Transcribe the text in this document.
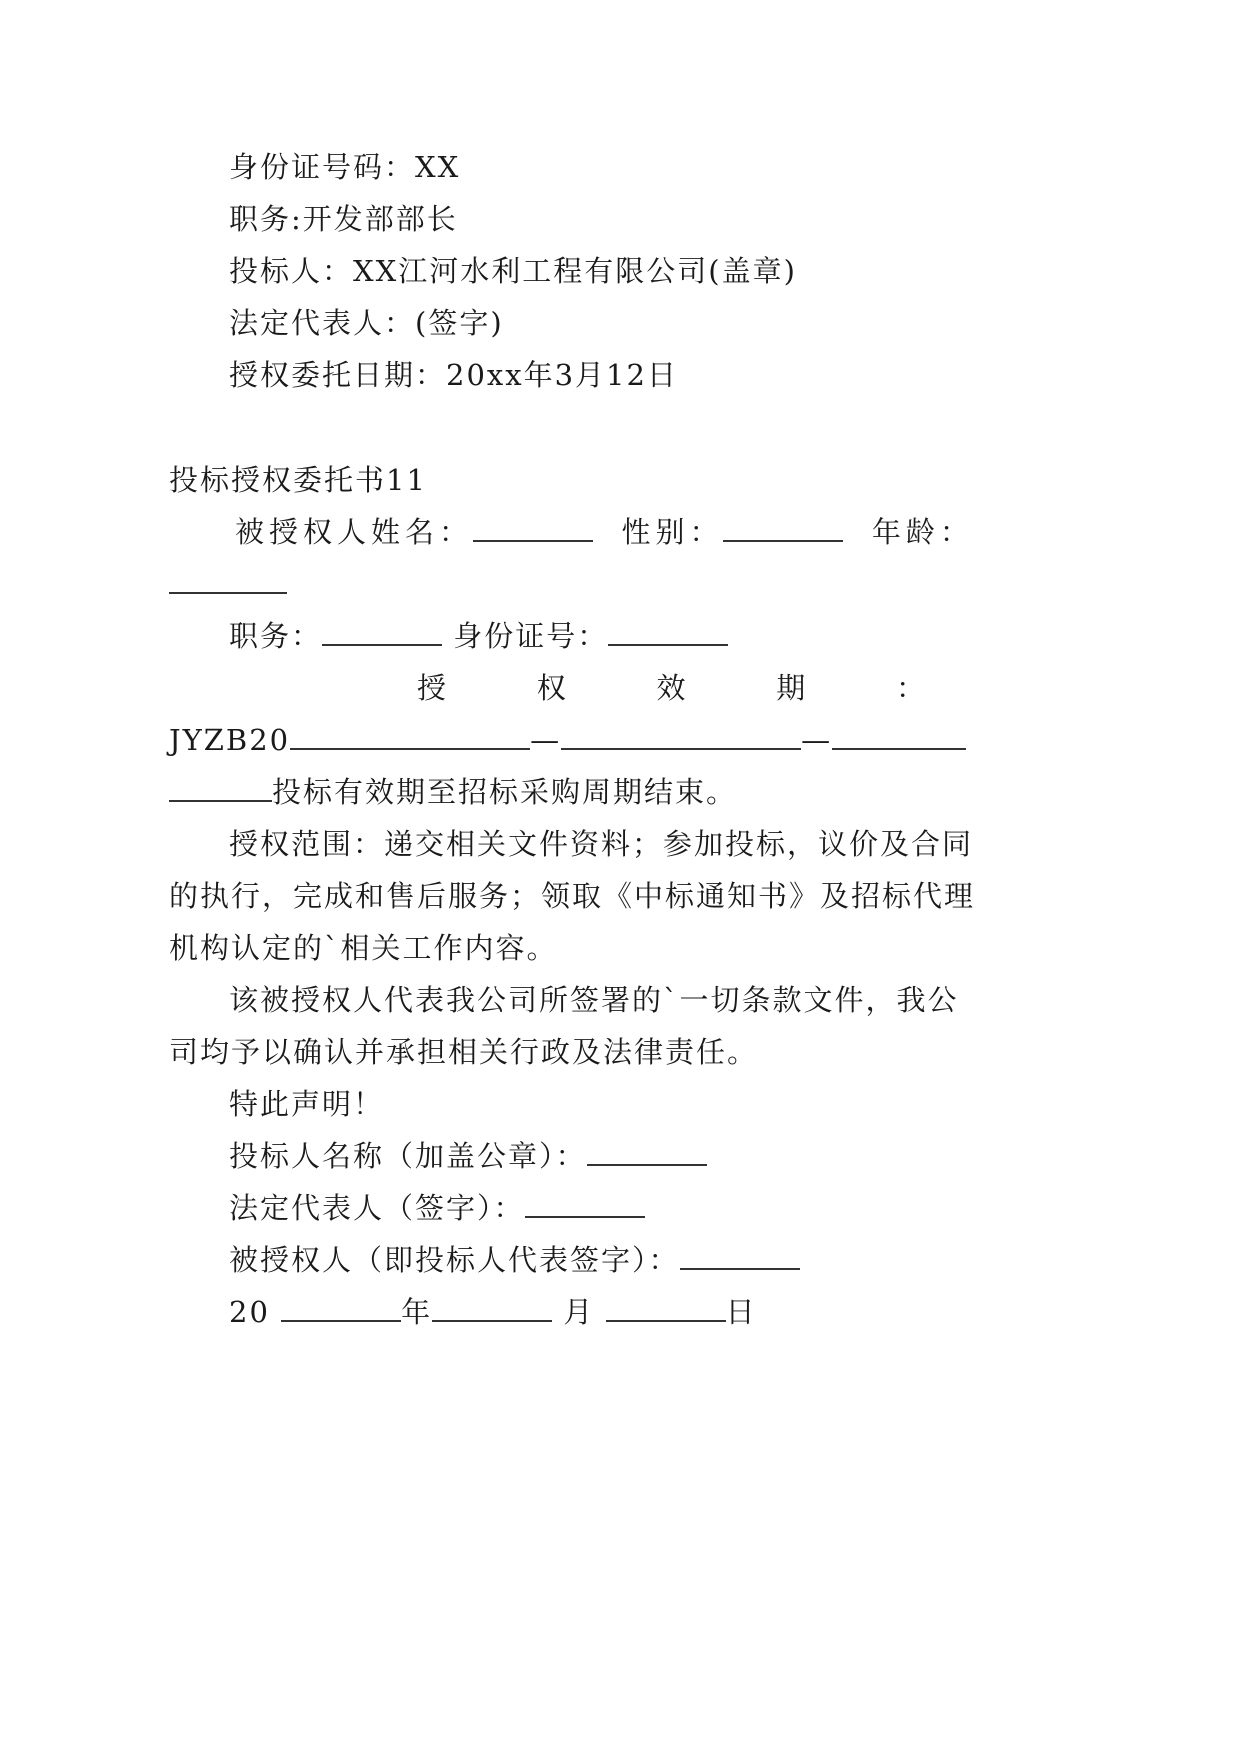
身份证号码：XX
职务:开发部部长
投标人：XX江河水利工程有限公司(盖章)
法定代表人：(签字)
授权委托日期：20xx年3月12日
投标授权委托书11
被授权人姓名：	性别：	年龄：
职务：	身份证号：
授	权	效	期	：
JYZB20	—	—
投标有效期至招标采购周期结束。
授权范围：递交相关文件资料；参加投标，议价及合同
的执行，完成和售后服务；领取《中标通知书》及招标代理
机构认定的`相关工作内容。
该被授权人代表我公司所签署的`一切条款文件，我公
司均予以确认并承担相关行政及法律责任。
特此声明！
投标人名称（加盖公章）：
法定代表人（签字）：
被授权人（即投标人代表签字）：
20	年	月	日
